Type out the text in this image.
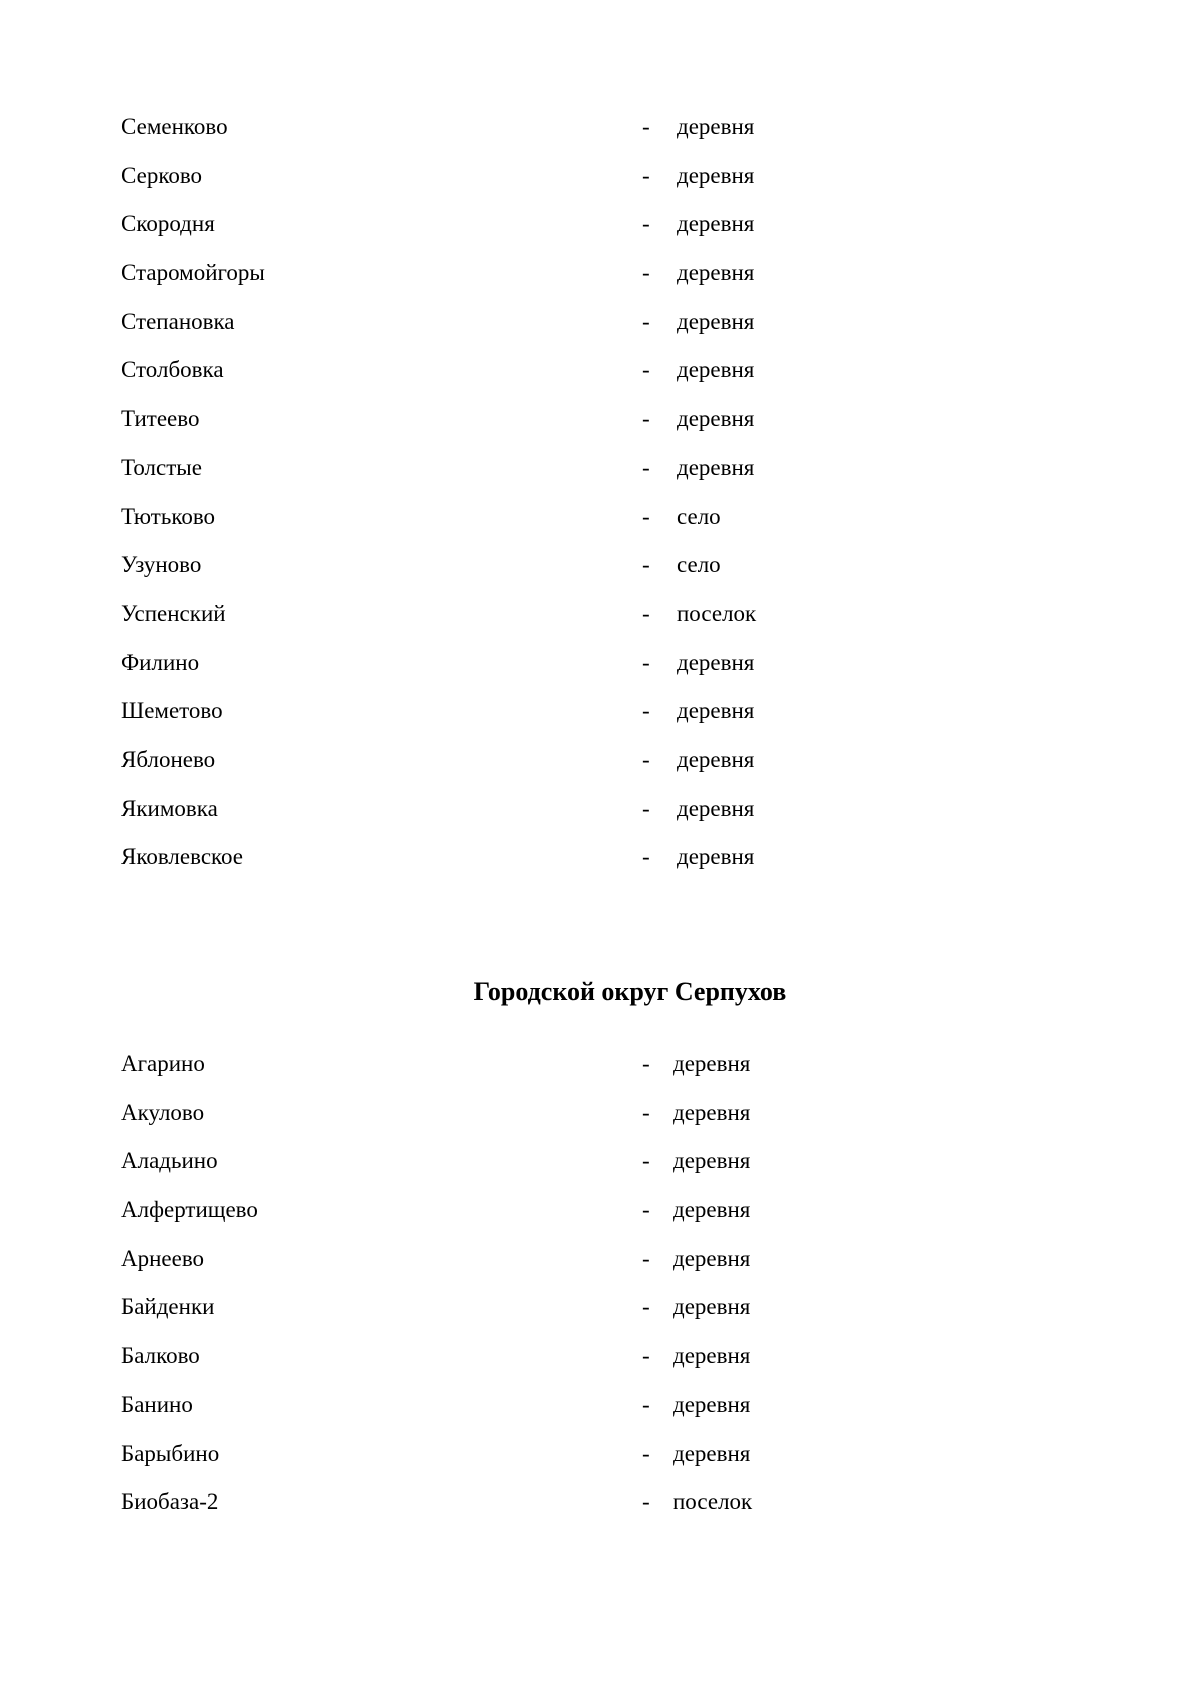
Семенково	- деревня
Серково	- деревня
Скородня	- деревня
Старомойгоры	- деревня
Степановка	- деревня
Столбовка	- деревня
Титеево	- деревня
Толстые	- деревня
Тютьково	- село
Узуново	- село
Успенский	- поселок
Филино	- деревня
Шеметово	- деревня
Яблонево	- деревня
Якимовка	- деревня
Яковлевское	- деревня
Городской округ Серпухов
Агарино	- деревня
Акулово	- деревня
Аладьино	- деревня
Алфертищево	- деревня
Арнеево	- деревня
Байденки	- деревня
Балково	- деревня
Банино	- деревня
Барыбино	- деревня
Биобаза-2	- поселок
